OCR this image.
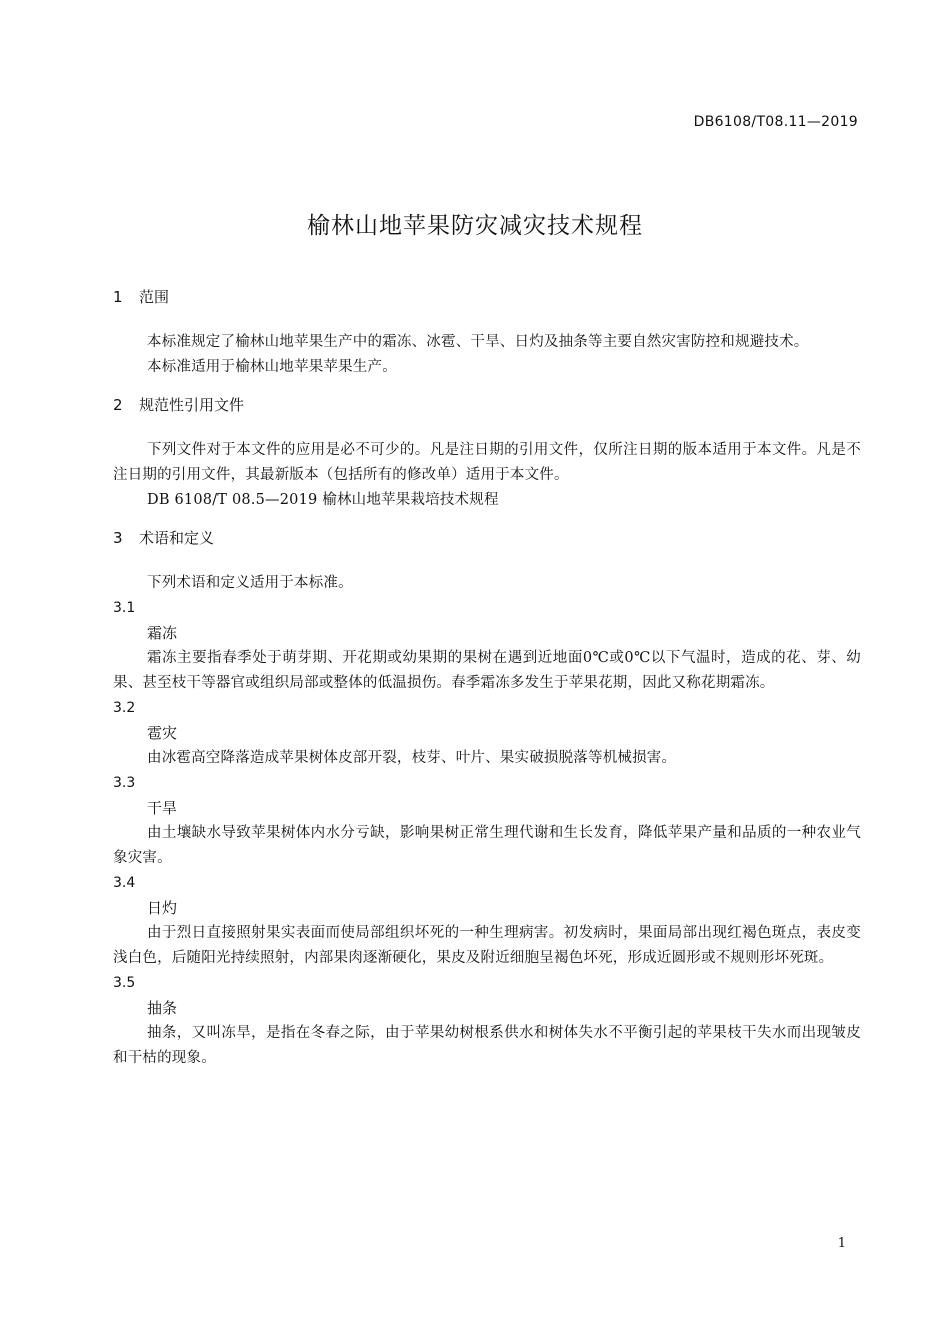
DB6108/T08.11—2019
榆林山地苹果防灾减灾技术规程
1	范围
本标准规定了榆林山地苹果生产中的霜冻、冰雹、干旱、日灼及抽条等主要自然灾害防控和规避技术。
本标准适用于榆林山地苹果苹果生产。
2	规范性引用文件
下列文件对于本文件的应用是必不可少的。凡是注日期的引用文件，仅所注日期的版本适用于本文件。凡是不注日期的引用文件，其最新版本（包括所有的修改单）适用于本文件。
DB 6108/T 08.5—2019 榆林山地苹果栽培技术规程
3	术语和定义
下列术语和定义适用于本标准。
3.1
霜冻
霜冻主要指春季处于萌芽期、开花期或幼果期的果树在遇到近地面0℃或0℃以下气温时，造成的花、芽、幼果、甚至枝干等器官或组织局部或整体的低温损伤。春季霜冻多发生于苹果花期，因此又称花期霜冻。
3.2
雹灾
由冰雹高空降落造成苹果树体皮部开裂，枝芽、叶片、果实破损脱落等机械损害。
3.3
干旱
由土壤缺水导致苹果树体内水分亏缺，影响果树正常生理代谢和生长发育，降低苹果产量和品质的一种农业气象灾害。
3.4
日灼
由于烈日直接照射果实表面而使局部组织坏死的一种生理病害。初发病时，果面局部出现红褐色斑点，表皮变浅白色，后随阳光持续照射，内部果肉逐渐硬化，果皮及附近细胞呈褐色坏死，形成近圆形或不规则形坏死斑。
3.5
抽条
抽条，又叫冻旱，是指在冬春之际，由于苹果幼树根系供水和树体失水不平衡引起的苹果枝干失水而出现皱皮和干枯的现象。
1
